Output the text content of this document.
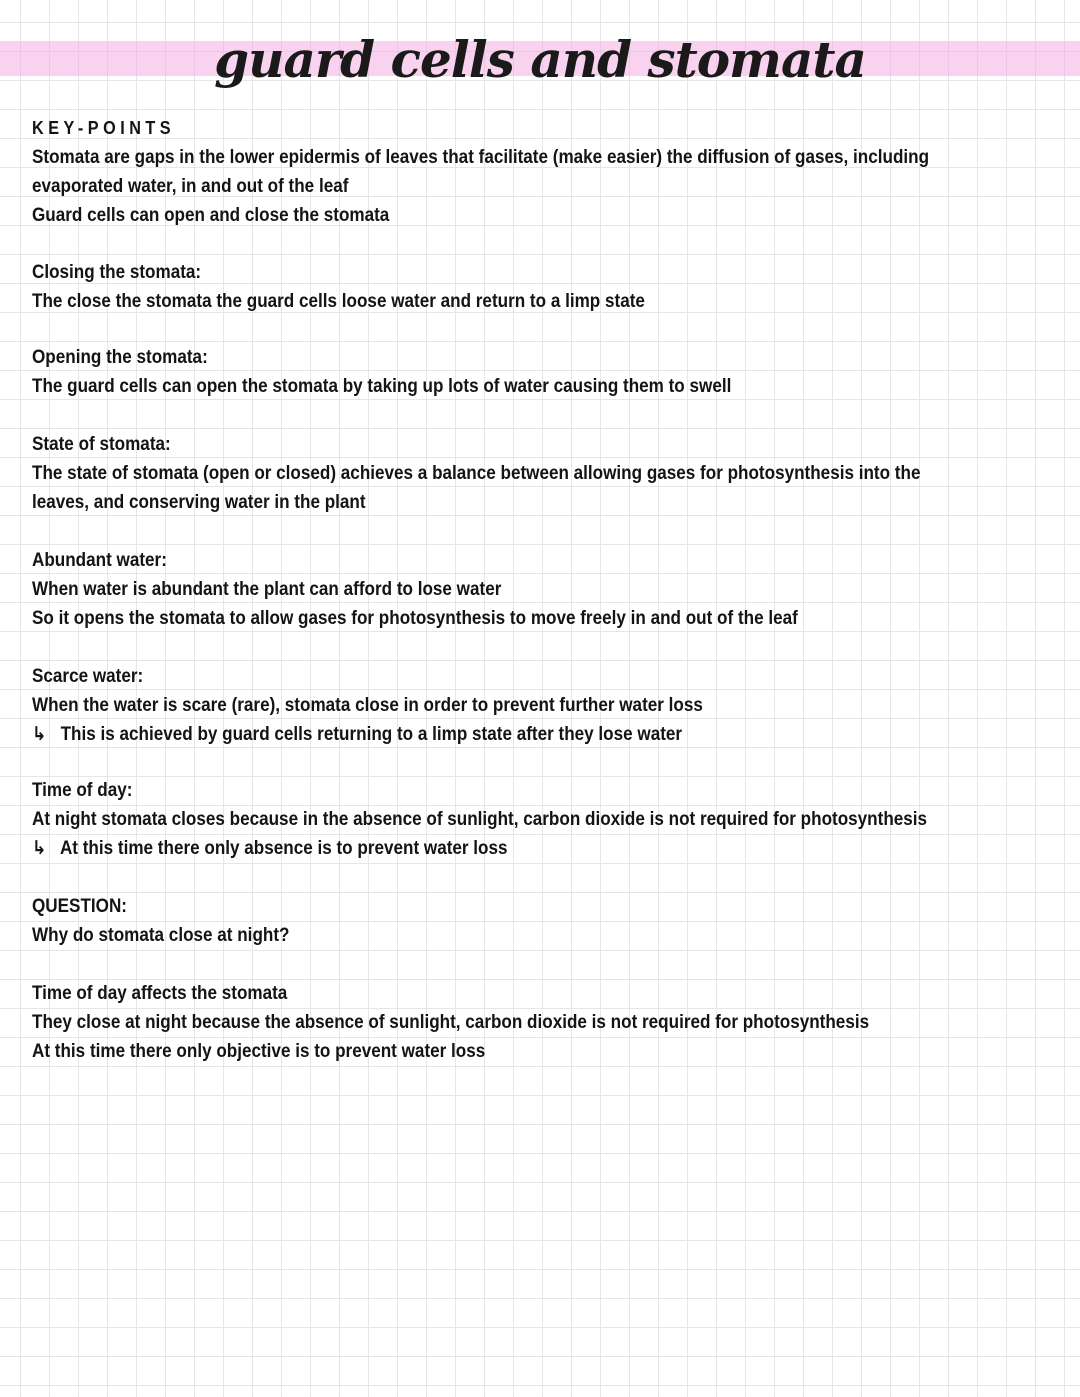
guard cells and stomata
KEY-POINTS
Stomata are gaps in the lower epidermis of leaves that facilitate (make easier) the diffusion of gases, including
evaporated water, in and out of the leaf
Guard cells can open and close the stomata
Closing the stomata:
The close the stomata the guard cells loose water and return to a limp state
Opening the stomata:
The guard cells can open the stomata by taking up lots of water causing them to swell
State of stomata:
The state of stomata (open or closed) achieves a balance between allowing gases for photosynthesis into the
leaves, and conserving water in the plant
Abundant water:
When water is abundant the plant can afford to lose water
So it opens the stomata to allow gases for photosynthesis to move freely in and out of the leaf
Scarce water:
When the water is scare (rare), stomata close in order to prevent further water loss
↳   This is achieved by guard cells returning to a limp state after they lose water
Time of day:
At night stomata closes because in the absence of sunlight, carbon dioxide is not required for photosynthesis
↳   At this time there only absence is to prevent water loss
QUESTION:
Why do stomata close at night?
Time of day affects the stomata
They close at night because the absence of sunlight, carbon dioxide is not required for photosynthesis
At this time there only objective is to prevent water loss
